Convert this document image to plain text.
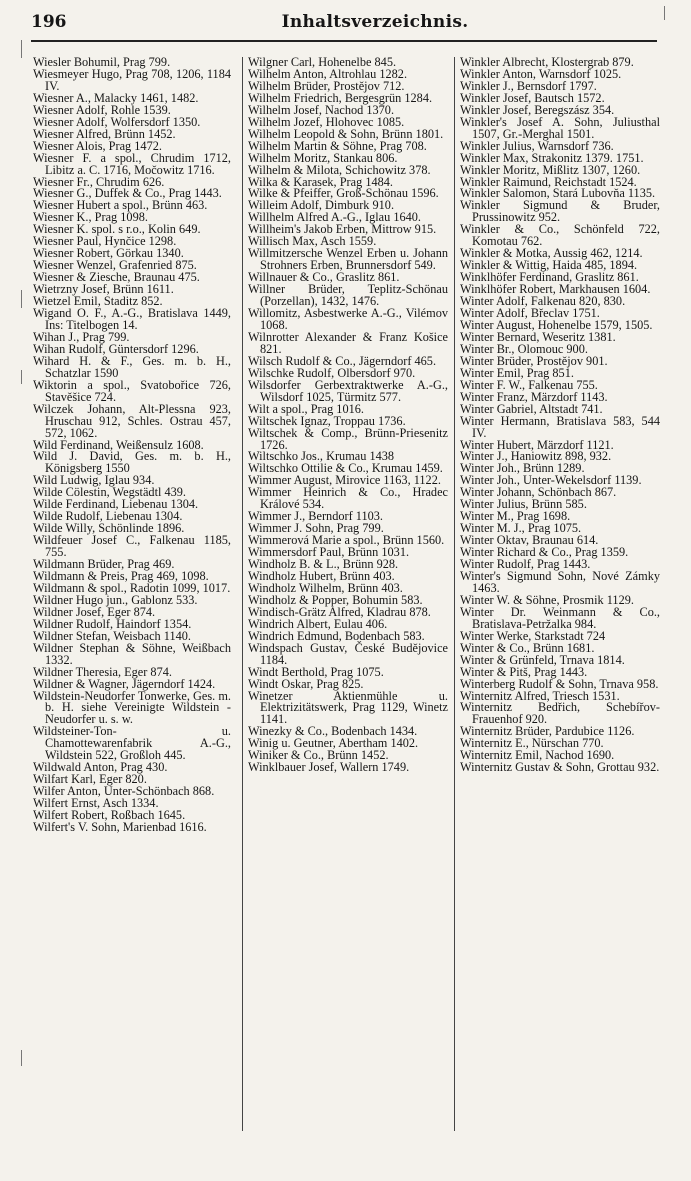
196	Inhaltsverzeichnis.

Wiesler Bohumil, Prag 799.

Wiesmeyer Hugo, Prag 708, 1206, 1184 IV.

Wiesner A., Malacky 1461, 1482.

Wiesner Adolf, Rohle 1539.

Wiesner Adolf, Wolfersdorf 1350.

Wiesner Alfred, Brünn 1452.

Wiesner Alois, Prag 1472.

Wiesner F. a spol., Chrudim 1712, Libitz a. C. 1716, Močowitz 1716.

Wiesner Fr., Chrudim 626.

Wiesner G., Duffek & Co., Prag 1443.

Wiesner Hubert a spol., Brünn 463.

Wiesner K., Prag 1098.

Wiesner K. spol. s r.o., Kolin 649.

Wiesner Paul, Hynčice 1298.

Wiesner Robert, Görkau 1340.

Wiesner Wenzel, Grafenried 875.

Wiesner & Ziesche, Braunau 475.

Wietrzny Josef, Brünn 1611.

Wietzel Emil, Staditz 852.

Wigand O. F., A.-G., Bratislava 1449, Ins: Titelbogen 14.

Wihan J., Prag 799.

Wihan Rudolf, Güntersdorf 1296.

Wihard H. & F., Ges. m. b. H., Schatzlar 1590

Wiktorin a spol., Svatobořice 726, Stavěšice 724.

Wilczek Johann, Alt-Plessna 923, Hruschau 912, Schles. Ostrau 457, 572, 1062.

Wild Ferdinand, Weißensulz 1608.

Wild J. David, Ges. m. b. H., Königsberg 1550

Wild Ludwig, Iglau 934.

Wilde Cölestin, Wegstädtl 439.

Wilde Ferdinand, Liebenau 1304.

Wilde Rudolf, Liebenau 1304.

Wilde Willy, Schönlinde 1896.

Wildfeuer Josef C., Falkenau 1185, 755.

Wildmann Brüder, Prag 469.

Wildmann & Preis, Prag 469, 1098.

Wildmann & spol., Radotin 1099, 1017.

Wildner Hugo jun., Gablonz 533.

Wildner Josef, Eger 874.

Wildner Rudolf, Haindorf 1354.

Wildner Stefan, Weisbach 1140.

Wildner Stephan & Söhne, Weißbach 1332.

Wildner Theresia, Eger 874.

Wildner & Wagner, Jägerndorf 1424.

Wildstein-Neudorfer Tonwerke, Ges. m. b. H. siehe Vereinigte Wildstein - Neudorfer u. s. w.

Wildsteiner-Ton- u. Chamottewarenfabrik A.-G., Wildstein 522, Großloh 445.

Wildwald Anton, Prag 430.

Wilfart Karl, Eger 820.

Wilfer Anton, Unter-Schönbach 868.

Wilfert Ernst, Asch 1334.

Wilfert Robert, Roßbach 1645.

Wilfert's V. Sohn, Marienbad 1616.

Wilgner Carl, Hohenelbe 845.

Wilhelm Anton, Altrohlau 1282.

Wilhelm Brüder, Prostějov 712.

Wilhelm Friedrich, Bergesgrün 1284.

Wilhelm Josef, Nachod 1370.

Wilhelm Jozef, Hlohovec 1085.

Wilhelm Leopold & Sohn, Brünn 1801.

Wilhelm Martin & Söhne, Prag 708.

Wilhelm Moritz, Stankau 806.

Wilhelm & Milota, Schichowitz 378.

Wilka & Karasek, Prag 1484.

Wilke & Pfeiffer, Groß-Schönau 1596.

Willeim Adolf, Dimburk 910.

Willhelm Alfred A.-G., Iglau 1640.

Willheim's Jakob Erben, Mittrow 915.

Willisch Max, Asch 1559.

Willmitzersche Wenzel Erben u. Johann Strohners Erben, Brunnersdorf 549.

Willnauer & Co., Graslitz 861.

Willner Brüder, Teplitz-Schönau (Porzellan), 1432, 1476.

Willomitz, Asbestwerke A.-G., Vilémov 1068.

Wilnrotter Alexander & Franz Košice 821.

Wilsch Rudolf & Co., Jägerndorf 465.

Wilschke Rudolf, Olbersdorf 970.

Wilsdorfer Gerbextraktwerke A.-G., Wilsdorf 1025, Türmitz 577.

Wilt a spol., Prag 1016.

Wiltschek Ignaz, Troppau 1736.

Wiltschek & Comp., Brünn-Priesenitz 1726.

Wiltschko Jos., Krumau 1438

Wiltschko Ottilie & Co., Krumau 1459.

Wimmer August, Mirovice 1163, 1122.

Wimmer Heinrich & Co., Hradec Králové 534.

Wimmer J., Berndorf 1103.

Wimmer J. Sohn, Prag 799.

Wimmerová Marie a spol., Brünn 1560.

Wimmersdorf Paul, Brünn 1031.

Windholz B. & L., Brünn 928.

Windholz Hubert, Brünn 403.

Windholz Wilhelm, Brünn 403.

Windholz & Popper, Bohumin 583.

Windisch-Grätz Alfred, Kladrau 878.

Windrich Albert, Eulau 406.

Windrich Edmund, Bodenbach 583.

Windspach Gustav, České Budějovice 1184.

Windt Berthold, Prag 1075.

Windt Oskar, Prag 825.

Winetzer Aktienmühle u. Elektrizitätswerk, Prag 1129, Winetz 1141.

Winezky & Co., Bodenbach 1434.

Winig u. Geutner, Abertham 1402.

Winiker & Co., Brünn 1452.

Winklbauer Josef, Wallern 1749.

Winkler Albrecht, Klostergrab 879.

Winkler Anton, Warnsdorf 1025.

Winkler J., Bernsdorf 1797.

Winkler Josef, Bautsch 1572.

Winkler Josef, Beregszász 354.

Winkler's Josef A. Sohn, Juliusthal 1507, Gr.-Merghal 1501.

Winkler Julius, Warnsdorf 736.

Winkler Max, Strakonitz 1379. 1751.

Winkler Moritz, Mißlitz 1307, 1260.

Winkler Raimund, Reichstadt 1524.

Winkler Salomon, Stará Lubovňa 1135.

Winkler Sigmund & Bruder, Prussinowitz 952.

Winkler & Co., Schönfeld 722, Komotau 762.

Winkler & Motka, Aussig 462, 1214.

Winkler & Wittig, Haida 485, 1894.

Winklhöfer Ferdinand, Graslitz 861.

Winklhöfer Robert, Markhausen 1604.

Winter Adolf, Falkenau 820, 830.

Winter Adolf, Břeclav 1751.

Winter August, Hohenelbe 1579, 1505.

Winter Bernard, Weseritz 1381.

Winter Br., Olomouc 900.

Winter Brüder, Prostějov 901.

Winter Emil, Prag 851.

Winter F. W., Falkenau 755.

Winter Franz, Märzdorf 1143.

Winter Gabriel, Altstadt 741.

Winter Hermann, Bratislava 583, 544 IV.

Winter Hubert, Märzdorf 1121.

Winter J., Haniowitz 898, 932.

Winter Joh., Brünn 1289.

Winter Joh., Unter-Wekelsdorf 1139.

Winter Johann, Schönbach 867.

Winter Julius, Brünn 585.

Winter M., Prag 1698.

Winter M. J., Prag 1075.

Winter Oktav, Braunau 614.

Winter Richard & Co., Prag 1359.

Winter Rudolf, Prag 1443.

Winter's Sigmund Sohn, Nové Zámky 1463.

Winter W. & Söhne, Prosmik 1129.

Winter Dr. Weinmann & Co., Bratislava-Petržalka 984.

Winter Werke, Starkstadt 724

Winter & Co., Brünn 1681.

Winter & Grünfeld, Trnava 1814.

Winter & Pitš, Prag 1443.

Winterberg Rudolf & Sohn, Trnava 958.

Winternitz Alfred, Triesch 1531.

Winternitz Bedřich, Schebířov-Frauenhof 920.

Winternitz Brüder, Pardubice 1126.

Winternitz E., Nürschan 770.

Winternitz Emil, Nachod 1690.

Winternitz Gustav & Sohn, Grottau 932.
